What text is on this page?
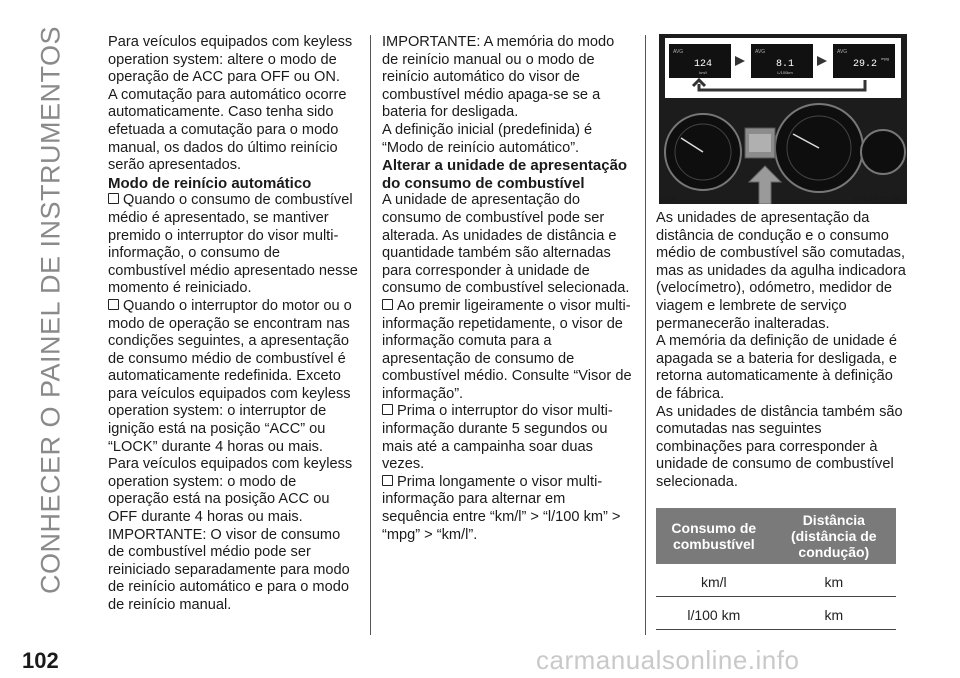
CONHECER O PAINEL DE INSTRUMENTOS	Para veículos equipados com keyless operation system: altere o modo de operação de ACC para OFF ou ON.

A comutação para automático ocorre automaticamente. Caso tenha sido efetuada a comutação para o modo manual, os dados do último reinício serão apresentados.

Modo de reinício automático

Quando o consumo de combustível médio é apresentado, se mantiver premido o interruptor do visor multi-informação, o consumo de combustível médio apresentado nesse momento é reiniciado.

Quando o interruptor do motor ou o modo de operação se encontram nas condições seguintes, a apresentação de consumo médio de combustível é automaticamente redefinida. Exceto para veículos equipados com keyless operation system: o interruptor de ignição está na posição “ACC” ou “LOCK” durante 4 horas ou mais.

Para veículos equipados com keyless operation system: o modo de operação está na posição ACC ou OFF durante 4 horas ou mais.

IMPORTANTE: O visor de consumo de combustível médio pode ser reiniciado separadamente para modo de reinício automático e para o modo de reinício manual.

IMPORTANTE: A memória do modo de reinício manual ou o modo de reinício automático do visor de combustível médio apaga-se se a bateria for desligada.

A definição inicial (predefinida) é “Modo de reinício automático”.

Alterar a unidade de apresentação do consumo de combustível

A unidade de apresentação do consumo de combustível pode ser alterada. As unidades de distância e quantidade também são alternadas para corresponder à unidade de consumo de combustível selecionada.

Ao premir ligeiramente o visor multi-informação repetidamente, o visor de informação comuta para a apresentação de consumo de combustível médio. Consulte “Visor de informação”.

Prima o interruptor do visor multi-informação durante 5 segundos ou mais até a campainha soar duas vezes.

Prima longamente o visor multi-informação para alternar em sequência entre “km/l” > “l/100 km” > “mpg” > “km/l”.

AVG	AVG	AVG
124
km/l
8.1
L/100km
29.2
mpg
188	AHA101367

As unidades de apresentação da distância de condução e o consumo médio de combustível são comutadas, mas as unidades da agulha indicadora (velocímetro), odómetro, medidor de viagem e lembrete de serviço permanecerão inalteradas.

A memória da definição de unidade é apagada se a bateria for desligada, e retorna automaticamente à definição de fábrica.

As unidades de distância também são comutadas nas seguintes combinações para corresponder à unidade de consumo de combustível selecionada.

Consumo de combustível	Distância (distância de condução)
km/l	km
l/100 km	km
102	carmanualsonline.info
